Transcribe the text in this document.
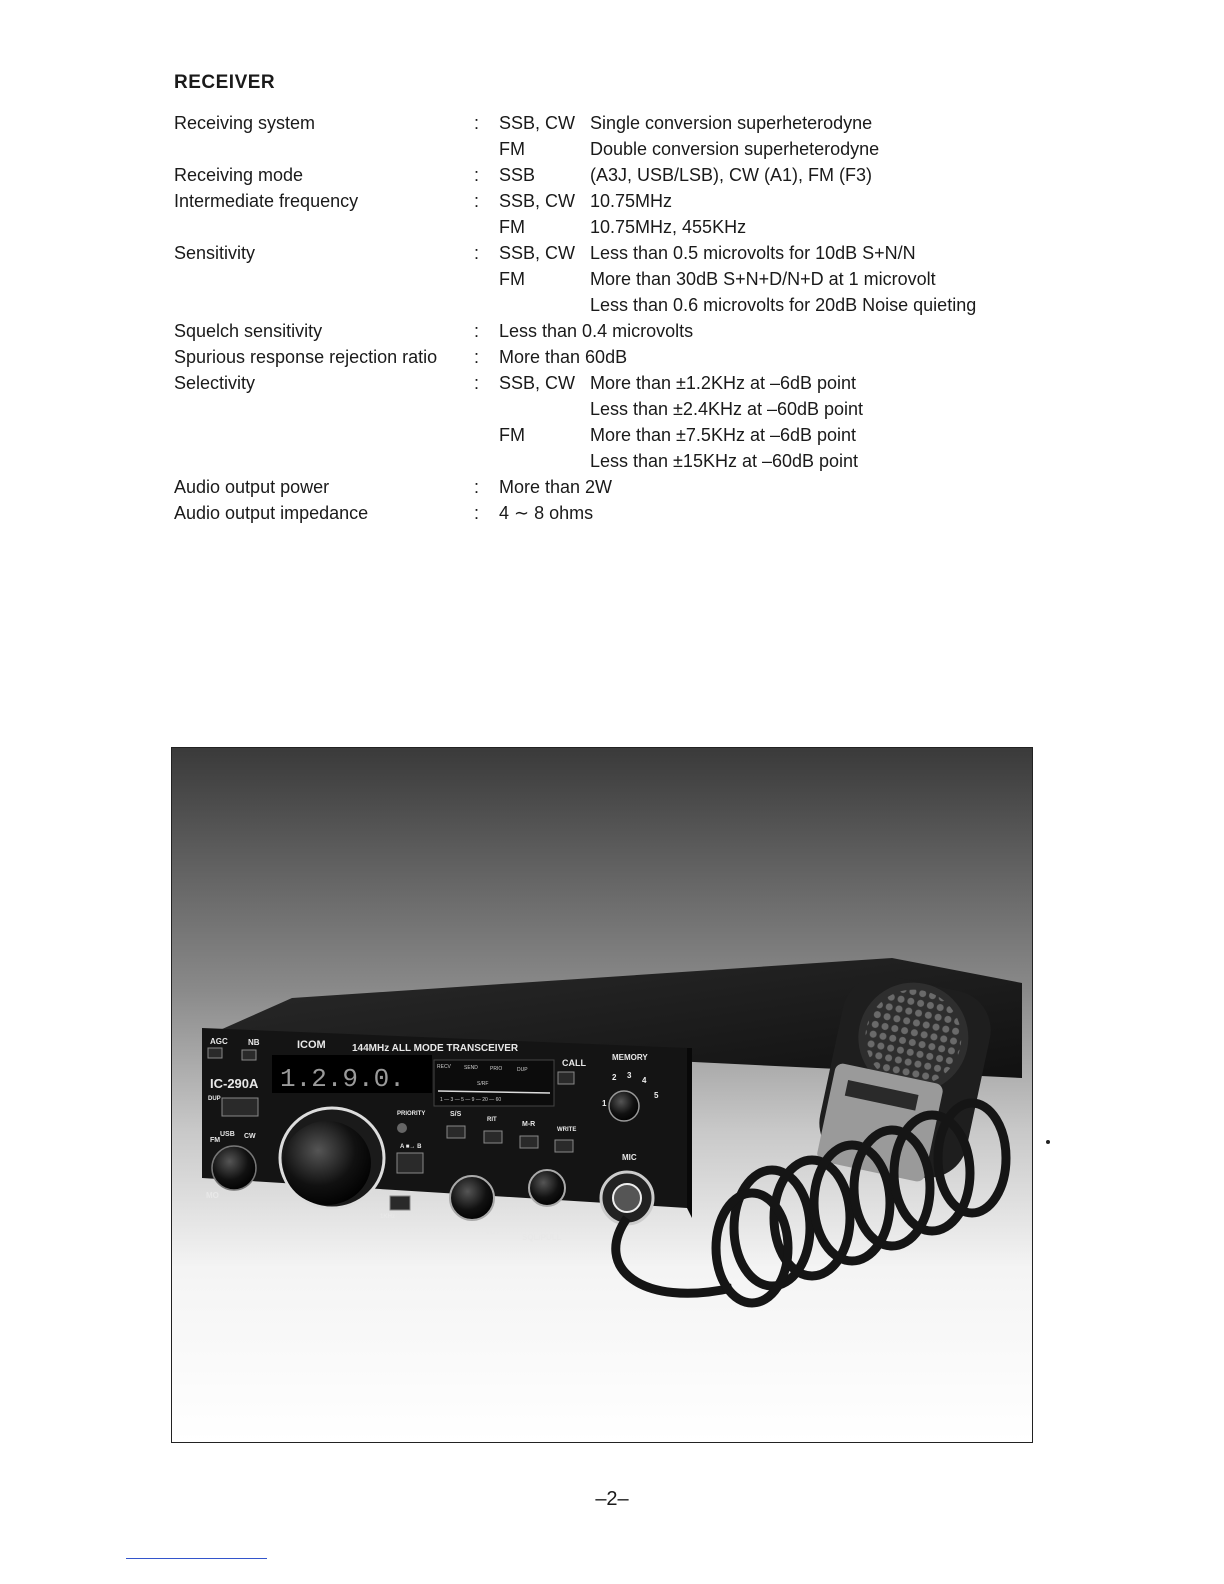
RECEIVER
Receiving system	: SSB, CW Single conversion superheterodyne
FM	Double conversion superheterodyne
Receiving mode	: SSB	(A3J, USB/LSB), CW (A1), FM (F3)
Intermediate frequency	: SSB, CW 10.75MHz
FM	10.75MHz, 455KHz
Sensitivity	: SSB, CW Less than 0.5 microvolts for 10dB S+N/N
FM	More than 30dB S+N+D/N+D at 1 microvolt
Less than 0.6 microvolts for 20dB Noise quieting
Squelch sensitivity	: Less than 0.4 microvolts
Spurious response rejection ratio : More than 60dB
Selectivity	: SSB, CW More than ±1.2KHz at –6dB point
Less than ±2.4KHz at –60dB point
FM	More than ±7.5KHz at –6dB point
Less than ±15KHz at –60dB point
Audio output power	: More than 2W
Audio output impedance	: 4 ∼ 8 ohms
AGC	NB	ICOM	144MHz ALL MODE TRANSCEIVER
IC-290A
CALL
MEMORY
PRIORITY	S/S
RIT
M-R
WRITE
A ■→ B
USB CW
FM
MO
1KHz
RIT
SQL/PULL
MIC
DUP
1.2.9.0.	RECV	SEND PRIO	DUP
S/RF
1 — 3 — 5 — 9 — 20 — 60	1
2 3
4
5
–2–
